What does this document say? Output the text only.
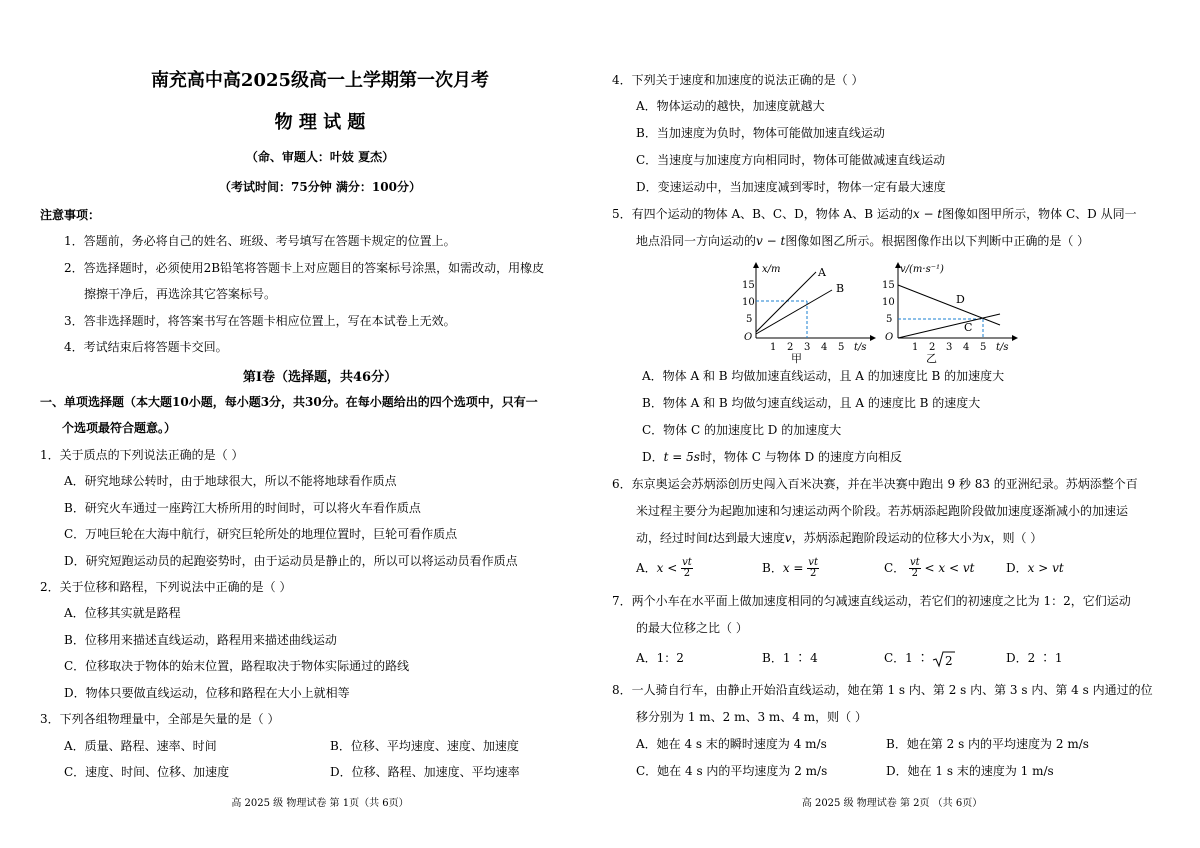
南充高中高2025级高一上学期第一次月考
物 理 试 题
（命、审题人：叶妓 夏杰）
（考试时间：75分钟 满分：100分）
注意事项：
1．答题前，务必将自己的姓名、班级、考号填写在答题卡规定的位置上。
2．答选择题时，必须使用2B铅笔将答题卡上对应题目的答案标号涂黑，如需改动，用橡皮
擦擦干净后，再选涂其它答案标号。
3．答非选择题时，将答案书写在答题卡相应位置上，写在本试卷上无效。
4．考试结束后将答题卡交回。
第Ⅰ卷（选择题，共46分）
一、单项选择题（本大题10小题，每小题3分，共30分。在每小题给出的四个选项中，只有一
个选项最符合题意。）
1．关于质点的下列说法正确的是（ ）
A．研究地球公转时，由于地球很大，所以不能将地球看作质点
B．研究火车通过一座跨江大桥所用的时间时，可以将火车看作质点
C．万吨巨轮在大海中航行，研究巨轮所处的地理位置时，巨轮可看作质点
D．研究短跑运动员的起跑姿势时，由于运动员是静止的，所以可以将运动员看作质点
2．关于位移和路程，下列说法中正确的是（ ）
A．位移其实就是路程
B．位移用来描述直线运动，路程用来描述曲线运动
C．位移取决于物体的始末位置，路程取决于物体实际通过的路线
D．物体只要做直线运动，位移和路程在大小上就相等
3．下列各组物理量中，全部是矢量的是（ ）
A．质量、路程、速率、时间	B．位移、平均速度、速度、加速度
C．速度、时间、位移、加速度	D．位移、路程、加速度、平均速率
高 2025 级 物理试卷 第 1页（共 6页）
4．下列关于速度和加速度的说法正确的是（ ）
A．物体运动的越快，加速度就越大
B．当加速度为负时，物体可能做加速直线运动
C．当速度与加速度方向相同时，物体可能做减速直线运动
D．变速运动中，当加速度减到零时，物体一定有最大速度
5．有四个运动的物体 A、B、C、D，物体 A、B 运动的x − t图像如图甲所示，物体 C、D 从同一
地点沿同一方向运动的v − t图像如图乙所示。根据图像作出以下判断中正确的是（ ）
x/m
t/s
O
15
10
5
1 2 3 4 5
A
B
甲
v/(m·s⁻¹)
t/s
O
15
10
5
1 2 3 4 5
D
C
乙
A．物体 A 和 B 均做加速直线运动，且 A 的加速度比 B 的加速度大
B．物体 A 和 B 均做匀速直线运动，且 A 的速度比 B 的速度大
C．物体 C 的加速度比 D 的加速度大
D．t = 5s时，物体 C 与物体 D 的速度方向相反
6．东京奥运会苏炳添创历史闯入百米决赛，并在半决赛中跑出 9 秒 83 的亚洲纪录。苏炳添整个百
米过程主要分为起跑加速和匀速运动两个阶段。若苏炳添起跑阶段做加速度逐渐减小的加速运
动，经过时间t达到最大速度v，苏炳添起跑阶段运动的位移大小为x，则（ ）
A．$x < \frac{vt}{2}$	B．$x = \frac{vt}{2}$	C． $\frac{vt}{2} < x$ < vt	D．x > vt
7．两个小车在水平面上做加速度相同的匀减速直线运动，若它们的初速度之比为 1：2，它们运动
的最大位移之比（ ）
A．1：2	B．1 ∶ 4	C．1 ∶ 2	D．2 ∶ 1
8．一人骑自行车，由静止开始沿直线运动，她在第 1 s 内、第 2 s 内、第 3 s 内、第 4 s 内通过的位
移分别为 1 m、2 m、3 m、4 m，则（ ）
A．她在 4 s 末的瞬时速度为 4 m/s	B．她在第 2 s 内的平均速度为 2 m/s
C．她在 4 s 内的平均速度为 2 m/s	D．她在 1 s 末的速度为 1 m/s
高 2025 级 物理试卷 第 2页 （共 6页）
